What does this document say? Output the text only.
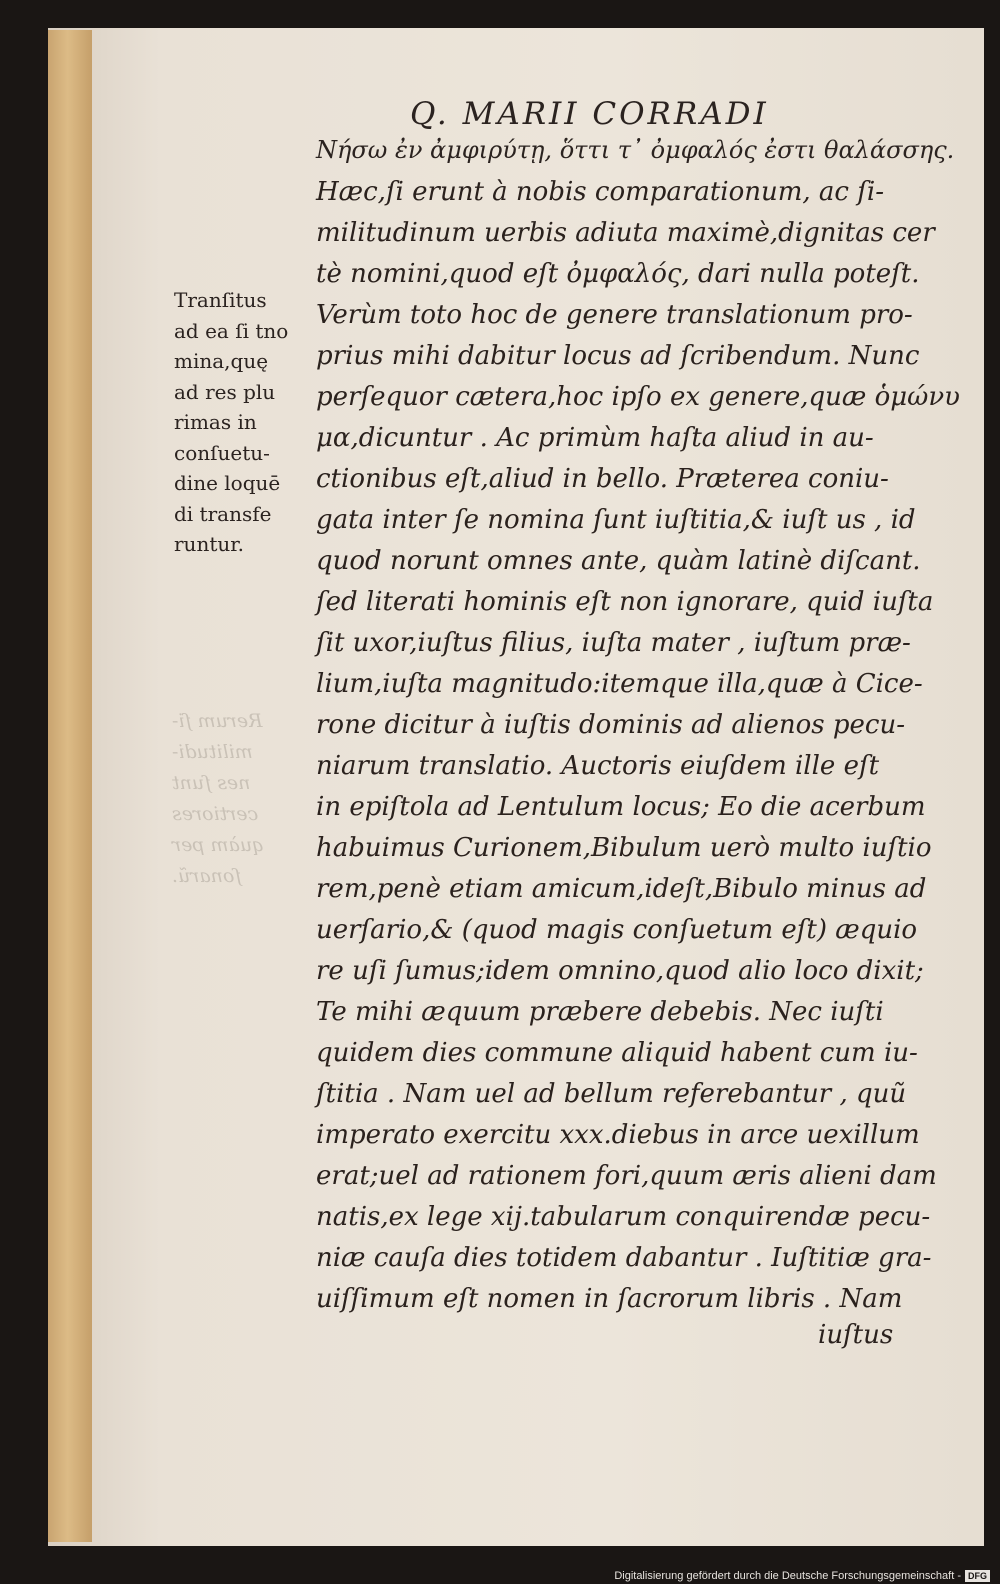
Rerum ſi-
militudi-
nes ſunt
certiores
quàm per
ſonarũ.
Q. MARII CORRADI
Νήσω ἐν ἀμφιρύτῃ, ὅττι τ᾽ ὀμφαλός ἐστι θαλάσσης.
Hæc,ſi erunt à nobis comparationum, ac ſi-
militudinum uerbis adiuta maximè,dignitas cer
tè nomini,quod eſt ὀμφαλός, dari nulla poteſt.
Verùm toto hoc de genere translationum pro-
prius mihi dabitur locus ad ſcribendum. Nunc
perſequor cætera,hoc ipſo ex genere,quæ ὁμώνυ
μα,dicuntur . Ac primùm haſta aliud in au-
ctionibus eſt,aliud in bello. Præterea coniu-
gata inter ſe nomina ſunt iuſtitia,& iuſt us , id
quod norunt omnes ante, quàm latinè diſcant.
ſed literati hominis eſt non ignorare, quid iuſta
ſit uxor,iuſtus filius, iuſta mater , iuſtum præ-
lium,iuſta magnitudo:itemque illa,quæ à Cice-
rone dicitur à iuſtis dominis ad alienos pecu-
niarum translatio. Auctoris eiuſdem ille eſt
in epiſtola ad Lentulum locus; Eo die acerbum
habuimus Curionem,Bibulum uerò multo iuſtio
rem,penè etiam amicum,ideſt,Bibulo minus ad
uerſario,& (quod magis conſuetum eſt) æquio
re uſi ſumus;idem omnino,quod alio loco dixit;
Te mihi æquum præbere debebis. Nec iuſti
quidem dies commune aliquid habent cum iu-
ſtitia . Nam uel ad bellum referebantur , quũ
imperato exercitu xxx.diebus in arce uexillum
erat;uel ad rationem fori,quum æris alieni dam
natis,ex lege xij.tabularum conquirendæ pecu-
niæ cauſa dies totidem dabantur . Iuſtitiæ gra-
uiſſimum eſt nomen in ſacrorum libris . Nam
Tranſitus
ad ea ſi tno
mina,quę
ad res plu
rimas in
conſuetu-
dine loquē
di transfe
runtur.
iuſtus
Digitalisierung gefördert durch die Deutsche Forschungsgemeinschaft - DFG
